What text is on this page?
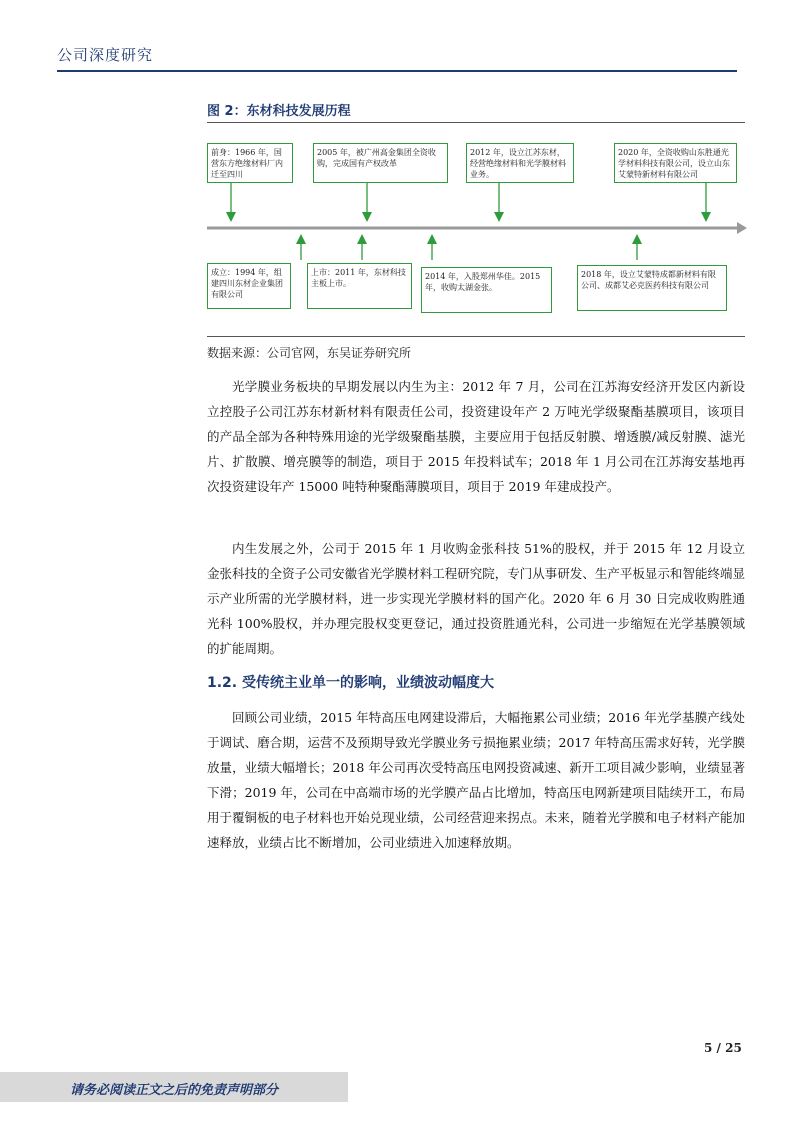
公司深度研究
图 2：东材科技发展历程
前身：1966 年，国营东方绝缘材料厂内迁至四川
2005 年，被广州高金集团全资收购，完成国有产权改革
2012 年，设立江苏东材，经营绝缘材料和光学膜材料业务。
2020 年，全资收购山东胜通光学材料科技有限公司，设立山东艾蒙特新材料有限公司
成立：1994 年，组建四川东材企业集团有限公司
上市：2011 年，东材科技主板上市。
2014 年，入股郑州华佳。2015 年，收购太湖金张。
2018 年，设立艾蒙特成都新材料有限公司、成都艾必克医药科技有限公司
数据来源：公司官网，东吴证券研究所

光学膜业务板块的早期发展以内生为主：2012 年 7 月，公司在江苏海安经济开发区内新设立控股子公司江苏东材新材料有限责任公司，投资建设年产 2 万吨光学级聚酯基膜项目，该项目的产品全部为各种特殊用途的光学级聚酯基膜，主要应用于包括反射膜、增透膜/减反射膜、滤光片、扩散膜、增亮膜等的制造，项目于 2015 年投料试车；2018 年 1 月公司在江苏海安基地再次投资建设年产 15000 吨特种聚酯薄膜项目，项目于 2019 年建成投产。

内生发展之外，公司于 2015 年 1 月收购金张科技 51%的股权，并于 2015 年 12 月设立金张科技的全资子公司安徽省光学膜材料工程研究院，专门从事研发、生产平板显示和智能终端显示产业所需的光学膜材料，进一步实现光学膜材料的国产化。2020 年 6 月 30 日完成收购胜通光科 100%股权，并办理完股权变更登记，通过投资胜通光科，公司进一步缩短在光学基膜领域的扩能周期。

1.2. 受传统主业单一的影响，业绩波动幅度大

回顾公司业绩，2015 年特高压电网建设滞后，大幅拖累公司业绩；2016 年光学基膜产线处于调试、磨合期，运营不及预期导致光学膜业务亏损拖累业绩；2017 年特高压需求好转，光学膜放量，业绩大幅增长；2018 年公司再次受特高压电网投资减速、新开工项目减少影响，业绩显著下滑；2019 年，公司在中高端市场的光学膜产品占比增加，特高压电网新建项目陆续开工，布局用于覆铜板的电子材料也开始兑现业绩，公司经营迎来拐点。未来，随着光学膜和电子材料产能加速释放，业绩占比不断增加，公司业绩进入加速释放期。

5 / 25
请务必阅读正文之后的免责声明部分
